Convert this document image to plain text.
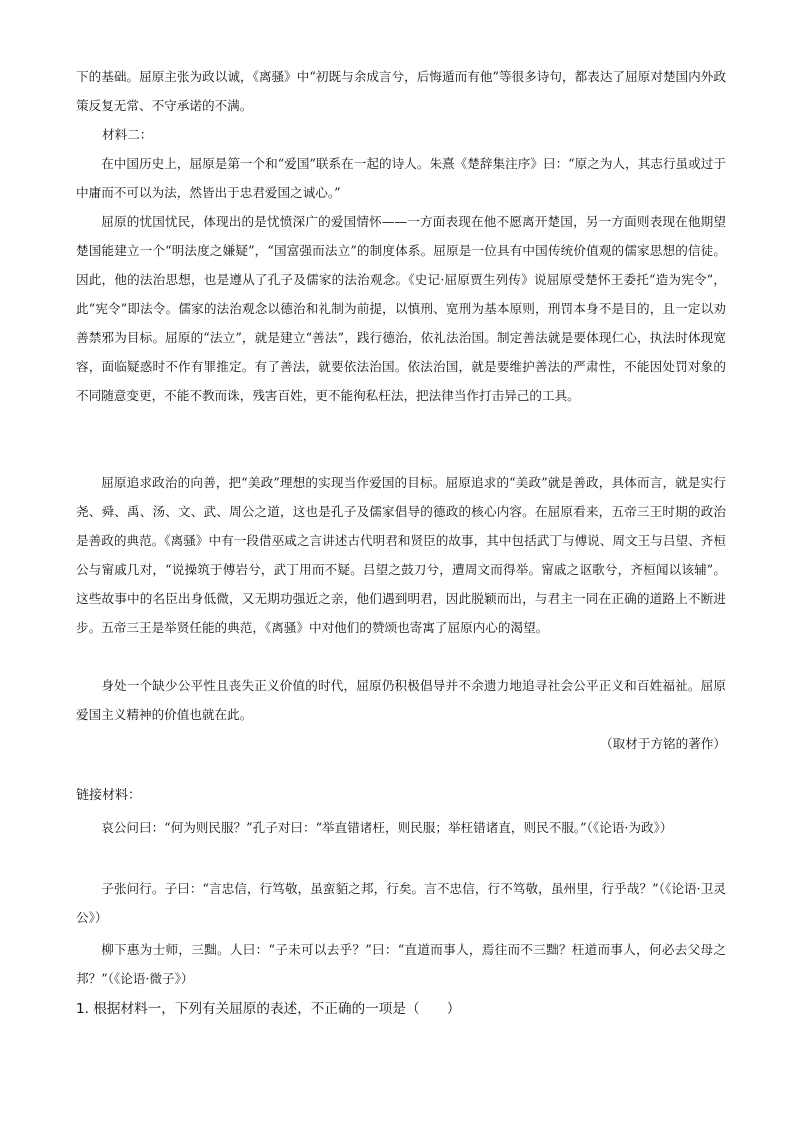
下的基础。屈原主张为政以诚，《离骚》中“初既与余成言兮，后悔遁而有他”等很多诗句，都表达了屈原对楚国内外政策反复无常、不守承诺的不满。

材料二：

在中国历史上，屈原是第一个和“爱国”联系在一起的诗人。朱熹《楚辞集注序》曰：“原之为人，其志行虽或过于中庸而不可以为法，然皆出于忠君爱国之诚心。”

屈原的忧国忧民，体现出的是忧愤深广的爱国情怀——一方面表现在他不愿离开楚国，另一方面则表现在他期望楚国能建立一个“明法度之嫌疑”，“国富强而法立”的制度体系。屈原是一位具有中国传统价值观的儒家思想的信徒。因此，他的法治思想，也是遵从了孔子及儒家的法治观念。《史记·屈原贾生列传》说屈原受楚怀王委托“造为宪令”，此“宪令”即法令。儒家的法治观念以德治和礼制为前提，以慎刑、宽刑为基本原则，刑罚本身不是目的，且一定以劝善禁邪为目标。屈原的“法立”，就是建立“善法”，践行德治，依礼法治国。制定善法就是要体现仁心，执法时体现宽容，面临疑惑时不作有罪推定。有了善法，就要依法治国。依法治国，就是要维护善法的严肃性，不能因处罚对象的不同随意变更，不能不教而诛，残害百姓，更不能徇私枉法，把法律当作打击异己的工具。

屈原追求政治的向善，把“美政”理想的实现当作爱国的目标。屈原追求的“美政”就是善政，具体而言，就是实行尧、舜、禹、汤、文、武、周公之道，这也是孔子及儒家倡导的德政的核心内容。在屈原看来，五帝三王时期的政治是善政的典范。《离骚》中有一段借巫咸之言讲述古代明君和贤臣的故事，其中包括武丁与傅说、周文王与吕望、齐桓公与甯戚几对，“说操筑于傅岩兮，武丁用而不疑。吕望之鼓刀兮，遭周文而得举。甯戚之讴歌兮，齐桓闻以该辅”。这些故事中的名臣出身低微，又无期功强近之亲，他们遇到明君，因此脱颖而出，与君主一同在正确的道路上不断进步。五帝三王是举贤任能的典范，《离骚》中对他们的赞颂也寄寓了屈原内心的渴望。

身处一个缺少公平性且丧失正义价值的时代，屈原仍积极倡导并不余遗力地追寻社会公平正义和百姓福祉。屈原爱国主义精神的价值也就在此。

（取材于方铭的著作）

链接材料：

哀公问曰：“何为则民服？”孔子对曰：“举直错诸枉，则民服；举枉错诸直，则民不服。”（《论语·为政》）

子张问行。子曰：“言忠信，行笃敬，虽蛮貊之邦，行矣。言不忠信，行不笃敬，虽州里，行乎哉？”（《论语·卫灵公》）

柳下惠为士师，三黜。人曰：“子未可以去乎？”曰：“直道而事人，焉往而不三黜？枉道而事人，何必去父母之邦？”（《论语·微子》）

1. 根据材料一，下列有关屈原的表述，不正确的一项是（　　）
